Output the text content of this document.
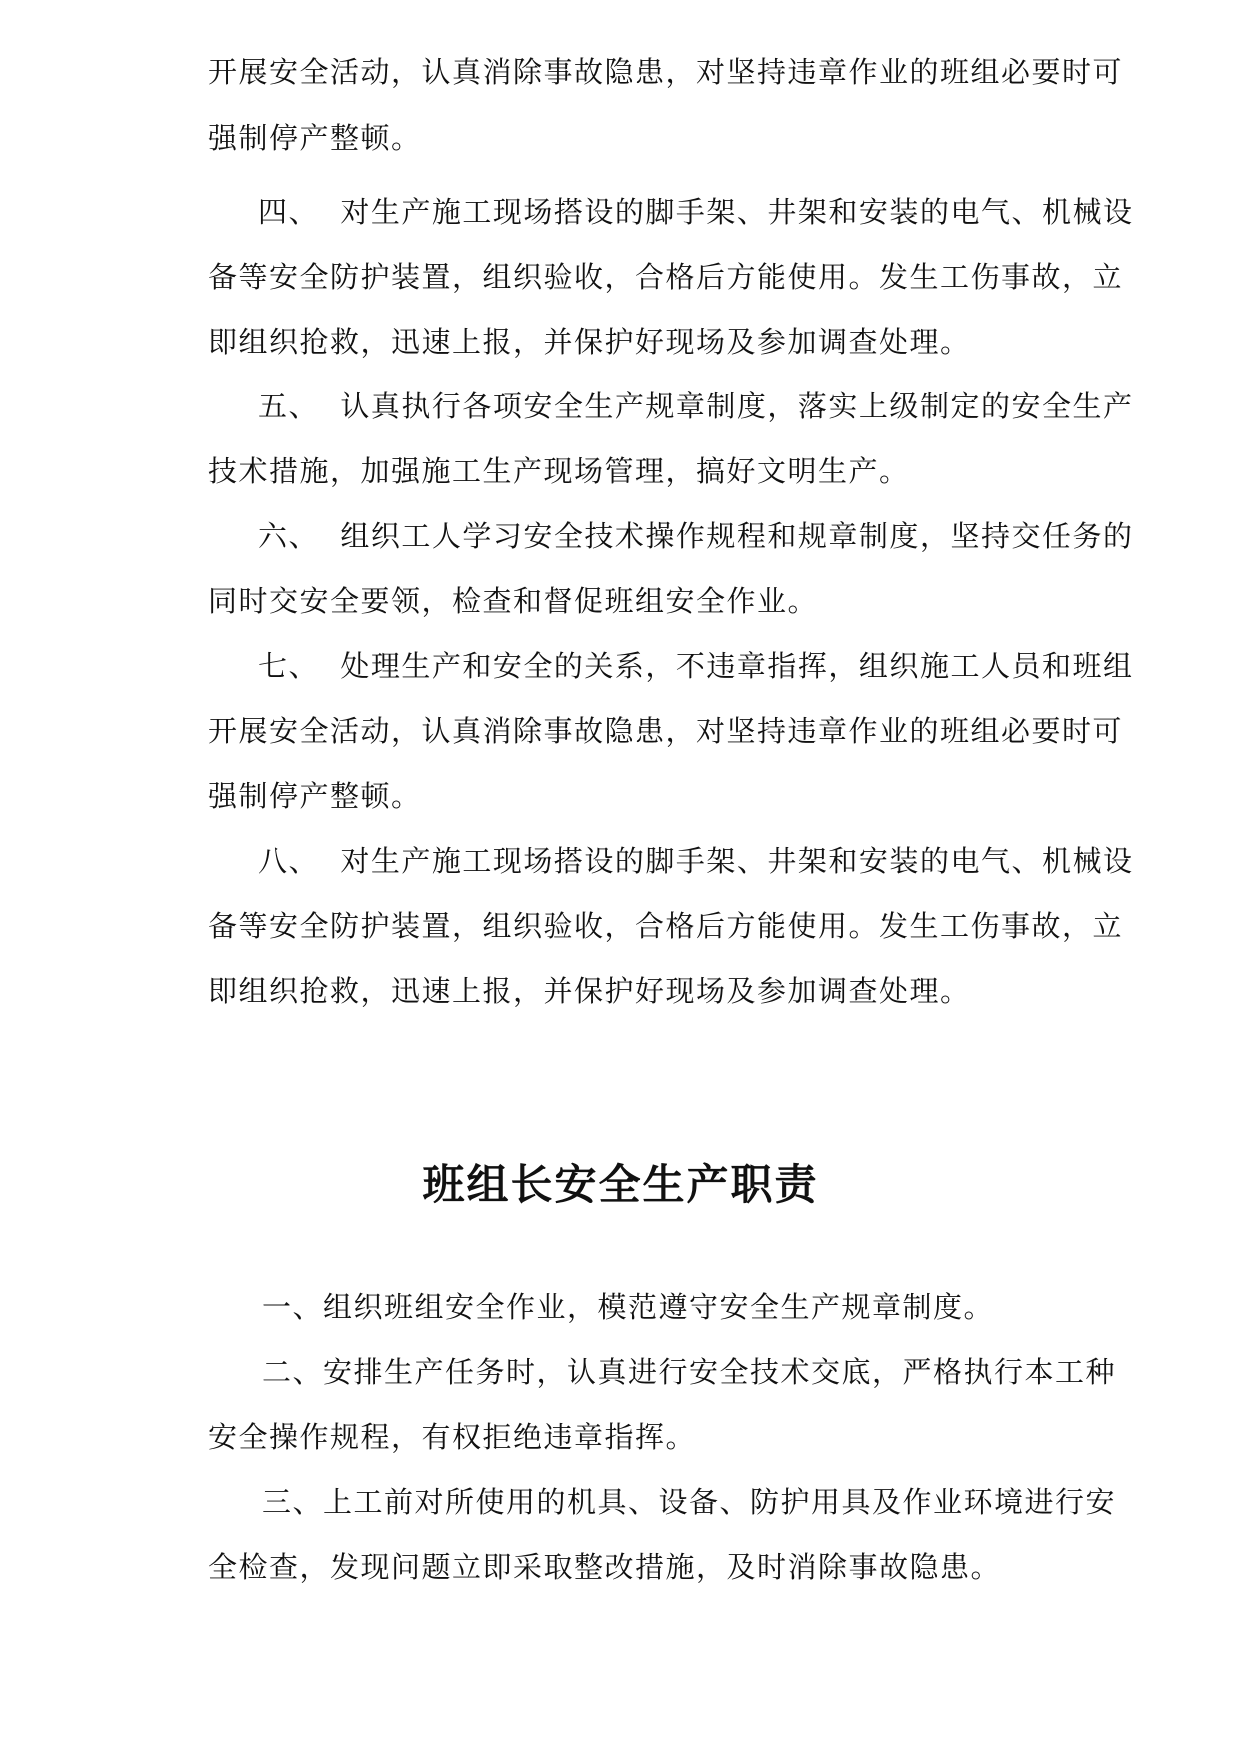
开展安全活动，认真消除事故隐患，对坚持违章作业的班组必要时可
强制停产整顿。
四、  对生产施工现场搭设的脚手架、井架和安装的电气、机械设
备等安全防护装置，组织验收，合格后方能使用。发生工伤事故，立
即组织抢救，迅速上报，并保护好现场及参加调查处理。
五、  认真执行各项安全生产规章制度，落实上级制定的安全生产
技术措施，加强施工生产现场管理，搞好文明生产。
六、  组织工人学习安全技术操作规程和规章制度，坚持交任务的
同时交安全要领，检查和督促班组安全作业。
七、  处理生产和安全的关系，不违章指挥，组织施工人员和班组
开展安全活动，认真消除事故隐患，对坚持违章作业的班组必要时可
强制停产整顿。
八、  对生产施工现场搭设的脚手架、井架和安装的电气、机械设
备等安全防护装置，组织验收，合格后方能使用。发生工伤事故，立
即组织抢救，迅速上报，并保护好现场及参加调查处理。
班组长安全生产职责
一、组织班组安全作业，模范遵守安全生产规章制度。
二、安排生产任务时，认真进行安全技术交底，严格执行本工种
安全操作规程，有权拒绝违章指挥。
三、上工前对所使用的机具、设备、防护用具及作业环境进行安
全检查，发现问题立即采取整改措施，及时消除事故隐患。
